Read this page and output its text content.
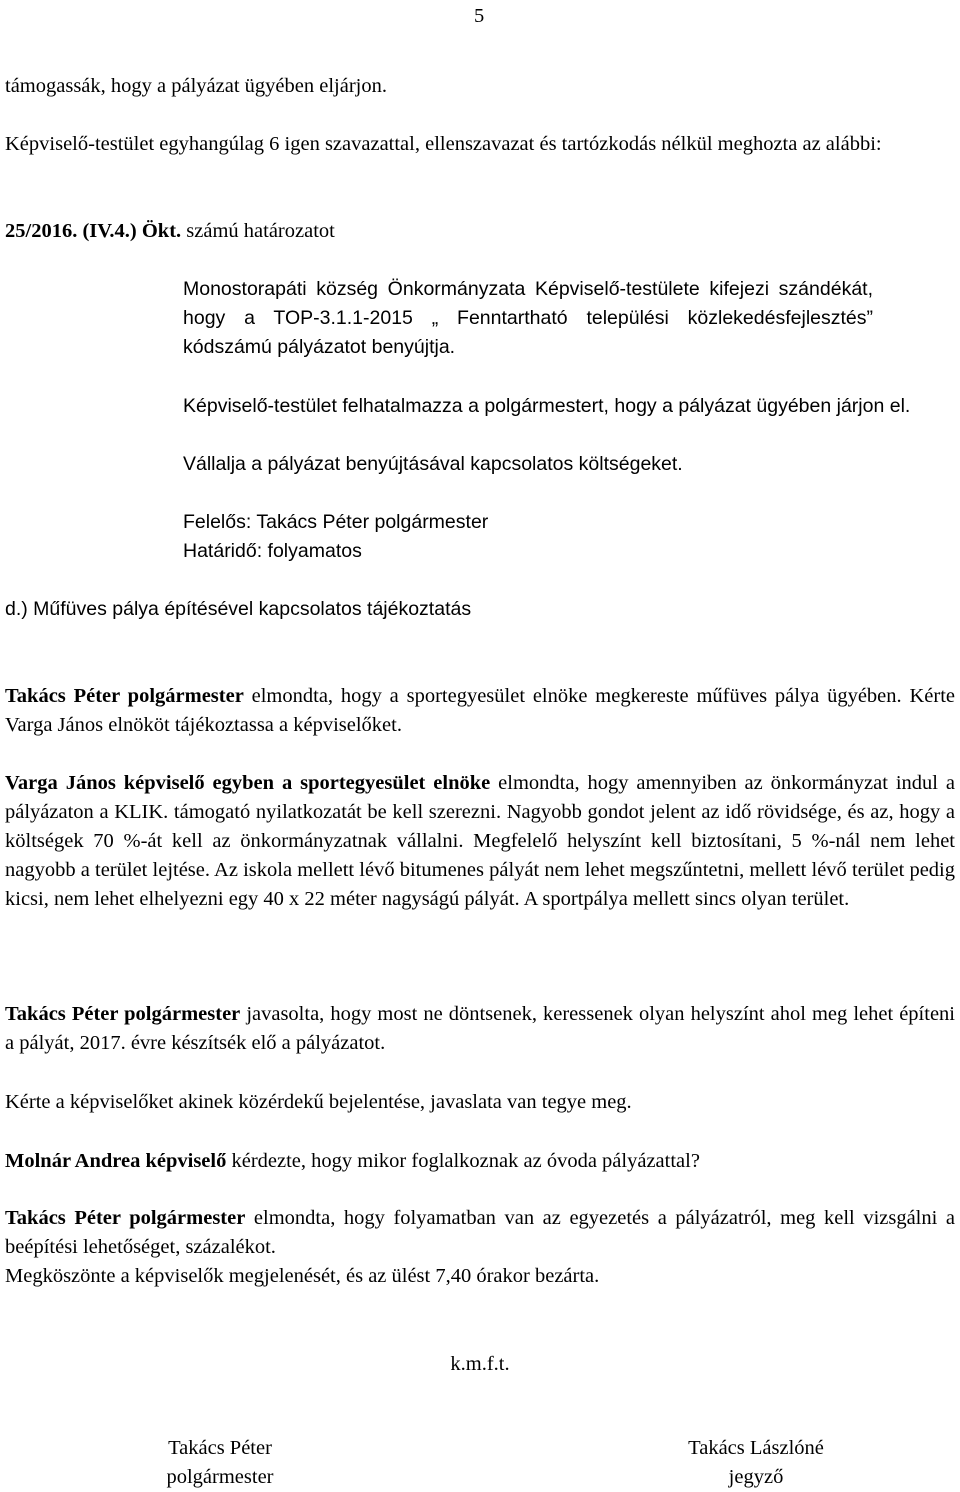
5

támogassák, hogy a pályázat ügyében eljárjon.

Képviselő-testület egyhangúlag 6 igen szavazattal, ellenszavazat és tartózkodás nélkül meghozta az alábbi:

25/2016. (IV.4.) Ökt. számú határozatot

Monostorapáti község Önkormányzata Képviselő-testülete kifejezi szándékát, hogy a TOP-3.1.1-2015 „ Fenntartható települési közlekedésfejlesztés” kódszámú pályázatot benyújtja.

Képviselő-testület felhatalmazza a polgármestert, hogy a pályázat ügyében járjon el.

Vállalja a pályázat benyújtásával kapcsolatos költségeket.

Felelős: Takács Péter polgármester

Határidő: folyamatos

d.) Műfüves pálya építésével kapcsolatos tájékoztatás

Takács Péter polgármester elmondta, hogy a sportegyesület elnöke megkereste műfüves pálya ügyében. Kérte Varga János elnököt tájékoztassa a képviselőket.

Varga János képviselő egyben a sportegyesület elnöke elmondta, hogy amennyiben az önkormányzat indul a pályázaton a KLIK. támogató nyilatkozatát be kell szerezni. Nagyobb gondot jelent az idő rövidsége, és az, hogy a költségek 70 %-át kell az önkormányzatnak vállalni. Megfelelő helyszínt kell biztosítani, 5 %-nál nem lehet nagyobb a terület lejtése. Az iskola mellett lévő bitumenes pályát nem lehet megszűntetni, mellett lévő terület pedig kicsi, nem lehet elhelyezni egy 40 x 22 méter nagyságú pályát. A sportpálya mellett sincs olyan terület.

Takács Péter polgármester javasolta, hogy most ne döntsenek, keressenek olyan helyszínt ahol meg lehet építeni a pályát, 2017. évre készítsék elő a pályázatot.

Kérte a képviselőket akinek közérdekű bejelentése, javaslata van tegye meg.

Molnár Andrea képviselő kérdezte, hogy mikor foglalkoznak az óvoda pályázattal?

Takács Péter polgármester elmondta, hogy folyamatban van az egyezetés a pályázatról, meg kell vizsgálni a beépítési lehetőséget, százalékot.

Megköszönte a képviselők megjelenését, és az ülést 7,40 órakor bezárta.

k.m.f.t.
Takács Péter
polgármester
Takács Lászlóné
jegyző
